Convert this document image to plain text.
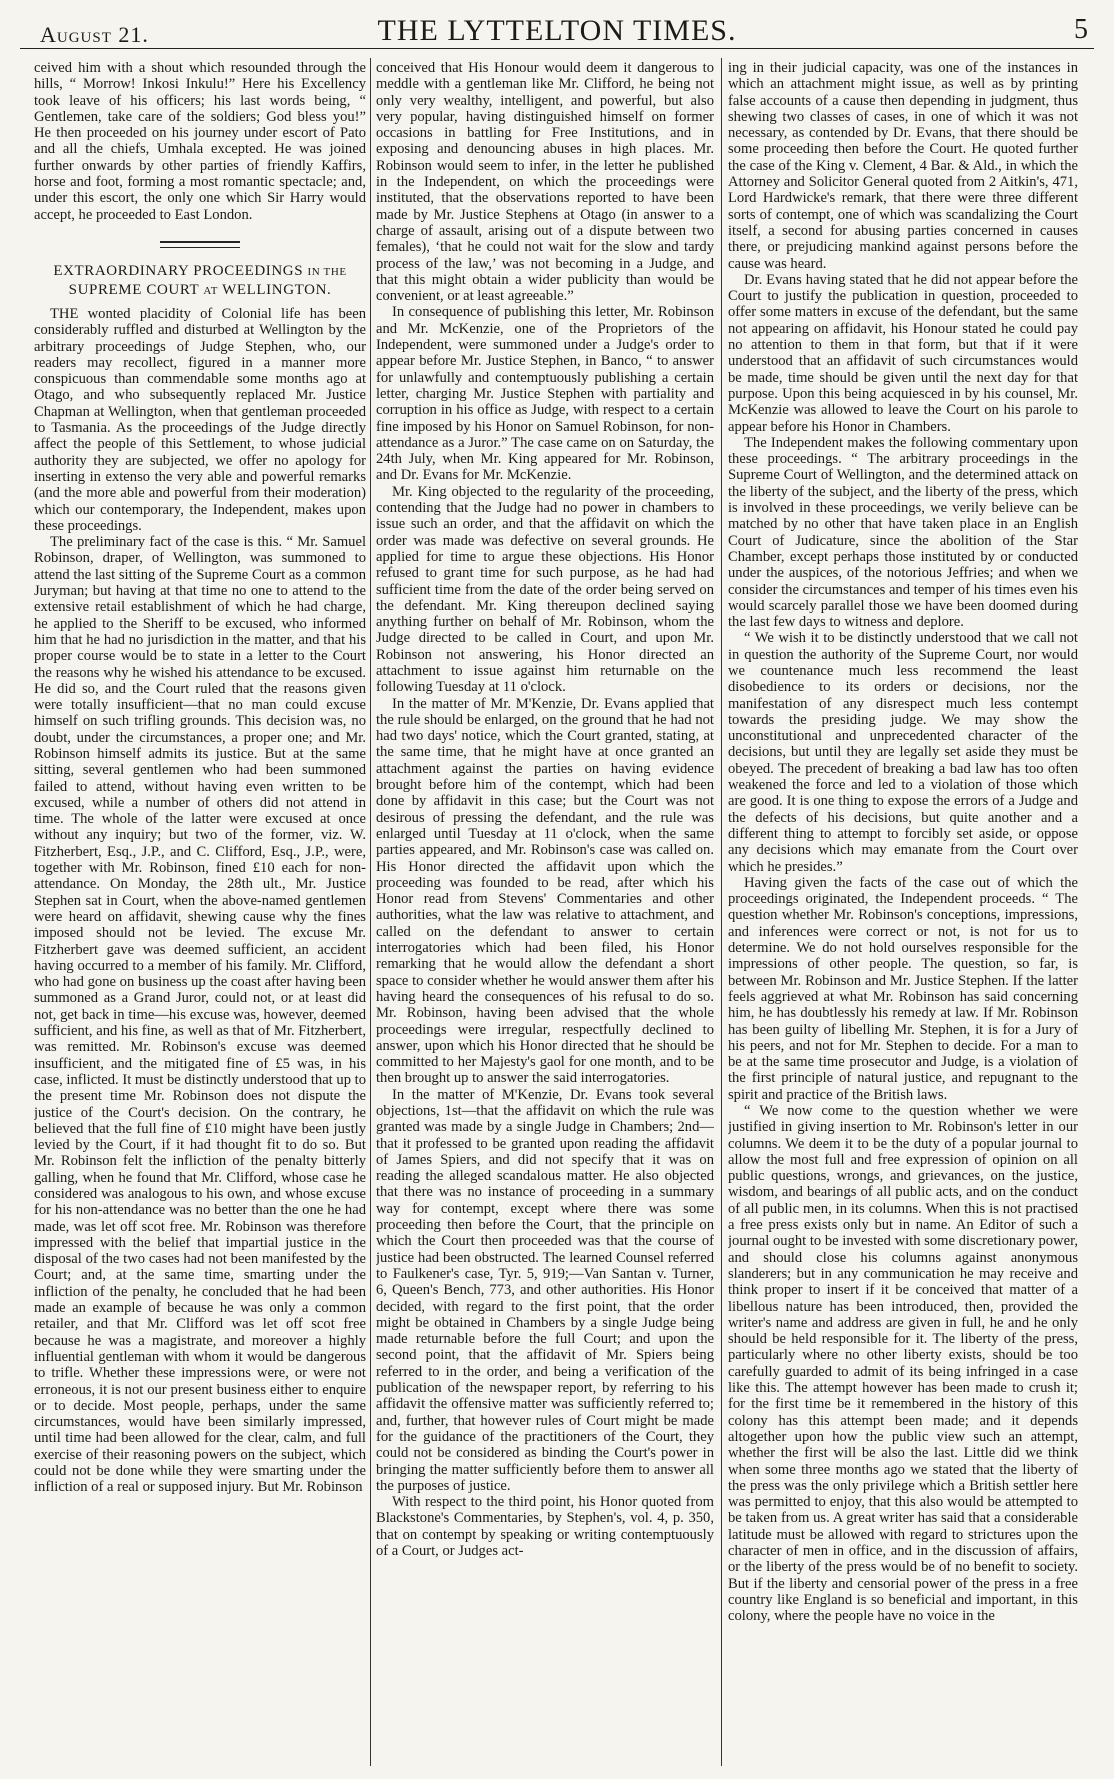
August 21.	THE LYTTELTON TIMES.	5

ceived him with a shout which resounded through the hills, “ Morrow! Inkosi Inkulu!” Here his Excellency took leave of his officers; his last words being, “ Gentlemen, take care of the soldiers; God bless you!” He then proceeded on his journey under escort of Pato and all the chiefs, Umhala excepted. He was joined further onwards by other parties of friendly Kaffirs, horse and foot, forming a most romantic spectacle; and, under this escort, the only one which Sir Harry would accept, he proceeded to East London.

EXTRAORDINARY PROCEEDINGS IN THE
SUPREME COURT AT WELLINGTON.

THE wonted placidity of Colonial life has been considerably ruffled and disturbed at Wellington by the arbitrary proceedings of Judge Stephen, who, our readers may recollect, figured in a manner more conspicuous than commendable some months ago at Otago, and who subsequently replaced Mr. Justice Chapman at Wellington, when that gentleman proceeded to Tasmania. As the proceedings of the Judge directly affect the people of this Settlement, to whose judicial authority they are subjected, we offer no apology for inserting in extenso the very able and powerful remarks (and the more able and powerful from their moderation) which our contemporary, the Independent, makes upon these proceedings.

The preliminary fact of the case is this. “ Mr. Samuel Robinson, draper, of Wellington, was summoned to attend the last sitting of the Supreme Court as a common Juryman; but having at that time no one to attend to the extensive retail establishment of which he had charge, he applied to the Sheriff to be excused, who informed him that he had no jurisdiction in the matter, and that his proper course would be to state in a letter to the Court the reasons why he wished his attendance to be excused. He did so, and the Court ruled that the reasons given were totally insufficient—that no man could excuse himself on such trifling grounds. This decision was, no doubt, under the circumstances, a proper one; and Mr. Robinson himself admits its justice. But at the same sitting, several gentlemen who had been summoned failed to attend, without having even written to be excused, while a number of others did not attend in time. The whole of the latter were excused at once without any inquiry; but two of the former, viz. W. Fitzherbert, Esq., J.P., and C. Clifford, Esq., J.P., were, together with Mr. Robinson, fined £10 each for non-attendance. On Monday, the 28th ult., Mr. Justice Stephen sat in Court, when the above-named gentlemen were heard on affidavit, shewing cause why the fines imposed should not be levied. The excuse Mr. Fitzherbert gave was deemed sufficient, an accident having occurred to a member of his family. Mr. Clifford, who had gone on business up the coast after having been summoned as a Grand Juror, could not, or at least did not, get back in time—his excuse was, however, deemed sufficient, and his fine, as well as that of Mr. Fitzherbert, was remitted. Mr. Robinson's excuse was deemed insufficient, and the mitigated fine of £5 was, in his case, inflicted. It must be distinctly understood that up to the present time Mr. Robinson does not dispute the justice of the Court's decision. On the contrary, he believed that the full fine of £10 might have been justly levied by the Court, if it had thought fit to do so. But Mr. Robinson felt the infliction of the penalty bitterly galling, when he found that Mr. Clifford, whose case he considered was analogous to his own, and whose excuse for his non-attendance was no better than the one he had made, was let off scot free. Mr. Robinson was therefore impressed with the belief that impartial justice in the disposal of the two cases had not been manifested by the Court; and, at the same time, smarting under the infliction of the penalty, he concluded that he had been made an example of because he was only a common retailer, and that Mr. Clifford was let off scot free because he was a magistrate, and moreover a highly influential gentleman with whom it would be dangerous to trifle. Whether these impressions were, or were not erroneous, it is not our present business either to enquire or to decide. Most people, perhaps, under the same circumstances, would have been similarly impressed, until time had been allowed for the clear, calm, and full exercise of their reasoning powers on the subject, which could not be done while they were smarting under the infliction of a real or supposed injury. But Mr. Robinson

conceived that His Honour would deem it dangerous to meddle with a gentleman like Mr. Clifford, he being not only very wealthy, intelligent, and powerful, but also very popular, having distinguished himself on former occasions in battling for Free Institutions, and in exposing and denouncing abuses in high places. Mr. Robinson would seem to infer, in the letter he published in the Independent, on which the proceedings were instituted, that the observations reported to have been made by Mr. Justice Stephens at Otago (in answer to a charge of assault, arising out of a dispute between two females), ‘that he could not wait for the slow and tardy process of the law,’ was not becoming in a Judge, and that this might obtain a wider publicity than would be convenient, or at least agreeable.”

In consequence of publishing this letter, Mr. Robinson and Mr. McKenzie, one of the Proprietors of the Independent, were summoned under a Judge's order to appear before Mr. Justice Stephen, in Banco, “ to answer for unlawfully and contemptuously publishing a certain letter, charging Mr. Justice Stephen with partiality and corruption in his office as Judge, with respect to a certain fine imposed by his Honor on Samuel Robinson, for non-attendance as a Juror.” The case came on on Saturday, the 24th July, when Mr. King appeared for Mr. Robinson, and Dr. Evans for Mr. McKenzie.

Mr. King objected to the regularity of the proceeding, contending that the Judge had no power in chambers to issue such an order, and that the affidavit on which the order was made was defective on several grounds. He applied for time to argue these objections. His Honor refused to grant time for such purpose, as he had had sufficient time from the date of the order being served on the defendant. Mr. King thereupon declined saying anything further on behalf of Mr. Robinson, whom the Judge directed to be called in Court, and upon Mr. Robinson not answering, his Honor directed an attachment to issue against him returnable on the following Tuesday at 11 o'clock.

In the matter of Mr. M'Kenzie, Dr. Evans applied that the rule should be enlarged, on the ground that he had not had two days' notice, which the Court granted, stating, at the same time, that he might have at once granted an attachment against the parties on having evidence brought before him of the contempt, which had been done by affidavit in this case; but the Court was not desirous of pressing the defendant, and the rule was enlarged until Tuesday at 11 o'clock, when the same parties appeared, and Mr. Robinson's case was called on. His Honor directed the affidavit upon which the proceeding was founded to be read, after which his Honor read from Stevens' Commentaries and other authorities, what the law was relative to attachment, and called on the defendant to answer to certain interrogatories which had been filed, his Honor remarking that he would allow the defendant a short space to consider whether he would answer them after his having heard the consequences of his refusal to do so. Mr. Robinson, having been advised that the whole proceedings were irregular, respectfully declined to answer, upon which his Honor directed that he should be committed to her Majesty's gaol for one month, and to be then brought up to answer the said interrogatories.

In the matter of M'Kenzie, Dr. Evans took several objections, 1st—that the affidavit on which the rule was granted was made by a single Judge in Chambers; 2nd—that it professed to be granted upon reading the affidavit of James Spiers, and did not specify that it was on reading the alleged scandalous matter. He also objected that there was no instance of proceeding in a summary way for contempt, except where there was some proceeding then before the Court, that the principle on which the Court then proceeded was that the course of justice had been obstructed. The learned Counsel referred to Faulkener's case, Tyr. 5, 919;—Van Santan v. Turner, 6, Queen's Bench, 773, and other authorities. His Honor decided, with regard to the first point, that the order might be obtained in Chambers by a single Judge being made returnable before the full Court; and upon the second point, that the affidavit of Mr. Spiers being referred to in the order, and being a verification of the publication of the newspaper report, by referring to his affidavit the offensive matter was sufficiently referred to; and, further, that however rules of Court might be made for the guidance of the practitioners of the Court, they could not be considered as binding the Court's power in bringing the matter sufficiently before them to answer all the purposes of justice.

With respect to the third point, his Honor quoted from Blackstone's Commentaries, by Stephen's, vol. 4, p. 350, that on contempt by speaking or writing contemptuously of a Court, or Judges act-

ing in their judicial capacity, was one of the instances in which an attachment might issue, as well as by printing false accounts of a cause then depending in judgment, thus shewing two classes of cases, in one of which it was not necessary, as contended by Dr. Evans, that there should be some proceeding then before the Court. He quoted further the case of the King v. Clement, 4 Bar. & Ald., in which the Attorney and Solicitor General quoted from 2 Aitkin's, 471, Lord Hardwicke's remark, that there were three different sorts of contempt, one of which was scandalizing the Court itself, a second for abusing parties concerned in causes there, or prejudicing mankind against persons before the cause was heard.

Dr. Evans having stated that he did not appear before the Court to justify the publication in question, proceeded to offer some matters in excuse of the defendant, but the same not appearing on affidavit, his Honour stated he could pay no attention to them in that form, but that if it were understood that an affidavit of such circumstances would be made, time should be given until the next day for that purpose. Upon this being acquiesced in by his counsel, Mr. McKenzie was allowed to leave the Court on his parole to appear before his Honor in Chambers.

The Independent makes the following commentary upon these proceedings. “ The arbitrary proceedings in the Supreme Court of Wellington, and the determined attack on the liberty of the subject, and the liberty of the press, which is involved in these proceedings, we verily believe can be matched by no other that have taken place in an English Court of Judicature, since the abolition of the Star Chamber, except perhaps those instituted by or conducted under the auspices, of the notorious Jeffries; and when we consider the circumstances and temper of his times even his would scarcely parallel those we have been doomed during the last few days to witness and deplore.

“ We wish it to be distinctly understood that we call not in question the authority of the Supreme Court, nor would we countenance much less recommend the least disobedience to its orders or decisions, nor the manifestation of any disrespect much less contempt towards the presiding judge. We may show the unconstitutional and unprecedented character of the decisions, but until they are legally set aside they must be obeyed. The precedent of breaking a bad law has too often weakened the force and led to a violation of those which are good. It is one thing to expose the errors of a Judge and the defects of his decisions, but quite another and a different thing to attempt to forcibly set aside, or oppose any decisions which may emanate from the Court over which he presides.”

Having given the facts of the case out of which the proceedings originated, the Independent proceeds. “ The question whether Mr. Robinson's conceptions, impressions, and inferences were correct or not, is not for us to determine. We do not hold ourselves responsible for the impressions of other people. The question, so far, is between Mr. Robinson and Mr. Justice Stephen. If the latter feels aggrieved at what Mr. Robinson has said concerning him, he has doubtlessly his remedy at law. If Mr. Robinson has been guilty of libelling Mr. Stephen, it is for a Jury of his peers, and not for Mr. Stephen to decide. For a man to be at the same time prosecutor and Judge, is a violation of the first principle of natural justice, and repugnant to the spirit and practice of the British laws.

“ We now come to the question whether we were justified in giving insertion to Mr. Robinson's letter in our columns. We deem it to be the duty of a popular journal to allow the most full and free expression of opinion on all public questions, wrongs, and grievances, on the justice, wisdom, and bearings of all public acts, and on the conduct of all public men, in its columns. When this is not practised a free press exists only but in name. An Editor of such a journal ought to be invested with some discretionary power, and should close his columns against anonymous slanderers; but in any communication he may receive and think proper to insert if it be conceived that matter of a libellous nature has been introduced, then, provided the writer's name and address are given in full, he and he only should be held responsible for it. The liberty of the press, particularly where no other liberty exists, should be too carefully guarded to admit of its being infringed in a case like this. The attempt however has been made to crush it; for the first time be it remembered in the history of this colony has this attempt been made; and it depends altogether upon how the public view such an attempt, whether the first will be also the last. Little did we think when some three months ago we stated that the liberty of the press was the only privilege which a British settler here was permitted to enjoy, that this also would be attempted to be taken from us. A great writer has said that a considerable latitude must be allowed with regard to strictures upon the character of men in office, and in the discussion of affairs, or the liberty of the press would be of no benefit to society. But if the liberty and censorial power of the press in a free country like England is so beneficial and important, in this colony, where the people have no voice in the
